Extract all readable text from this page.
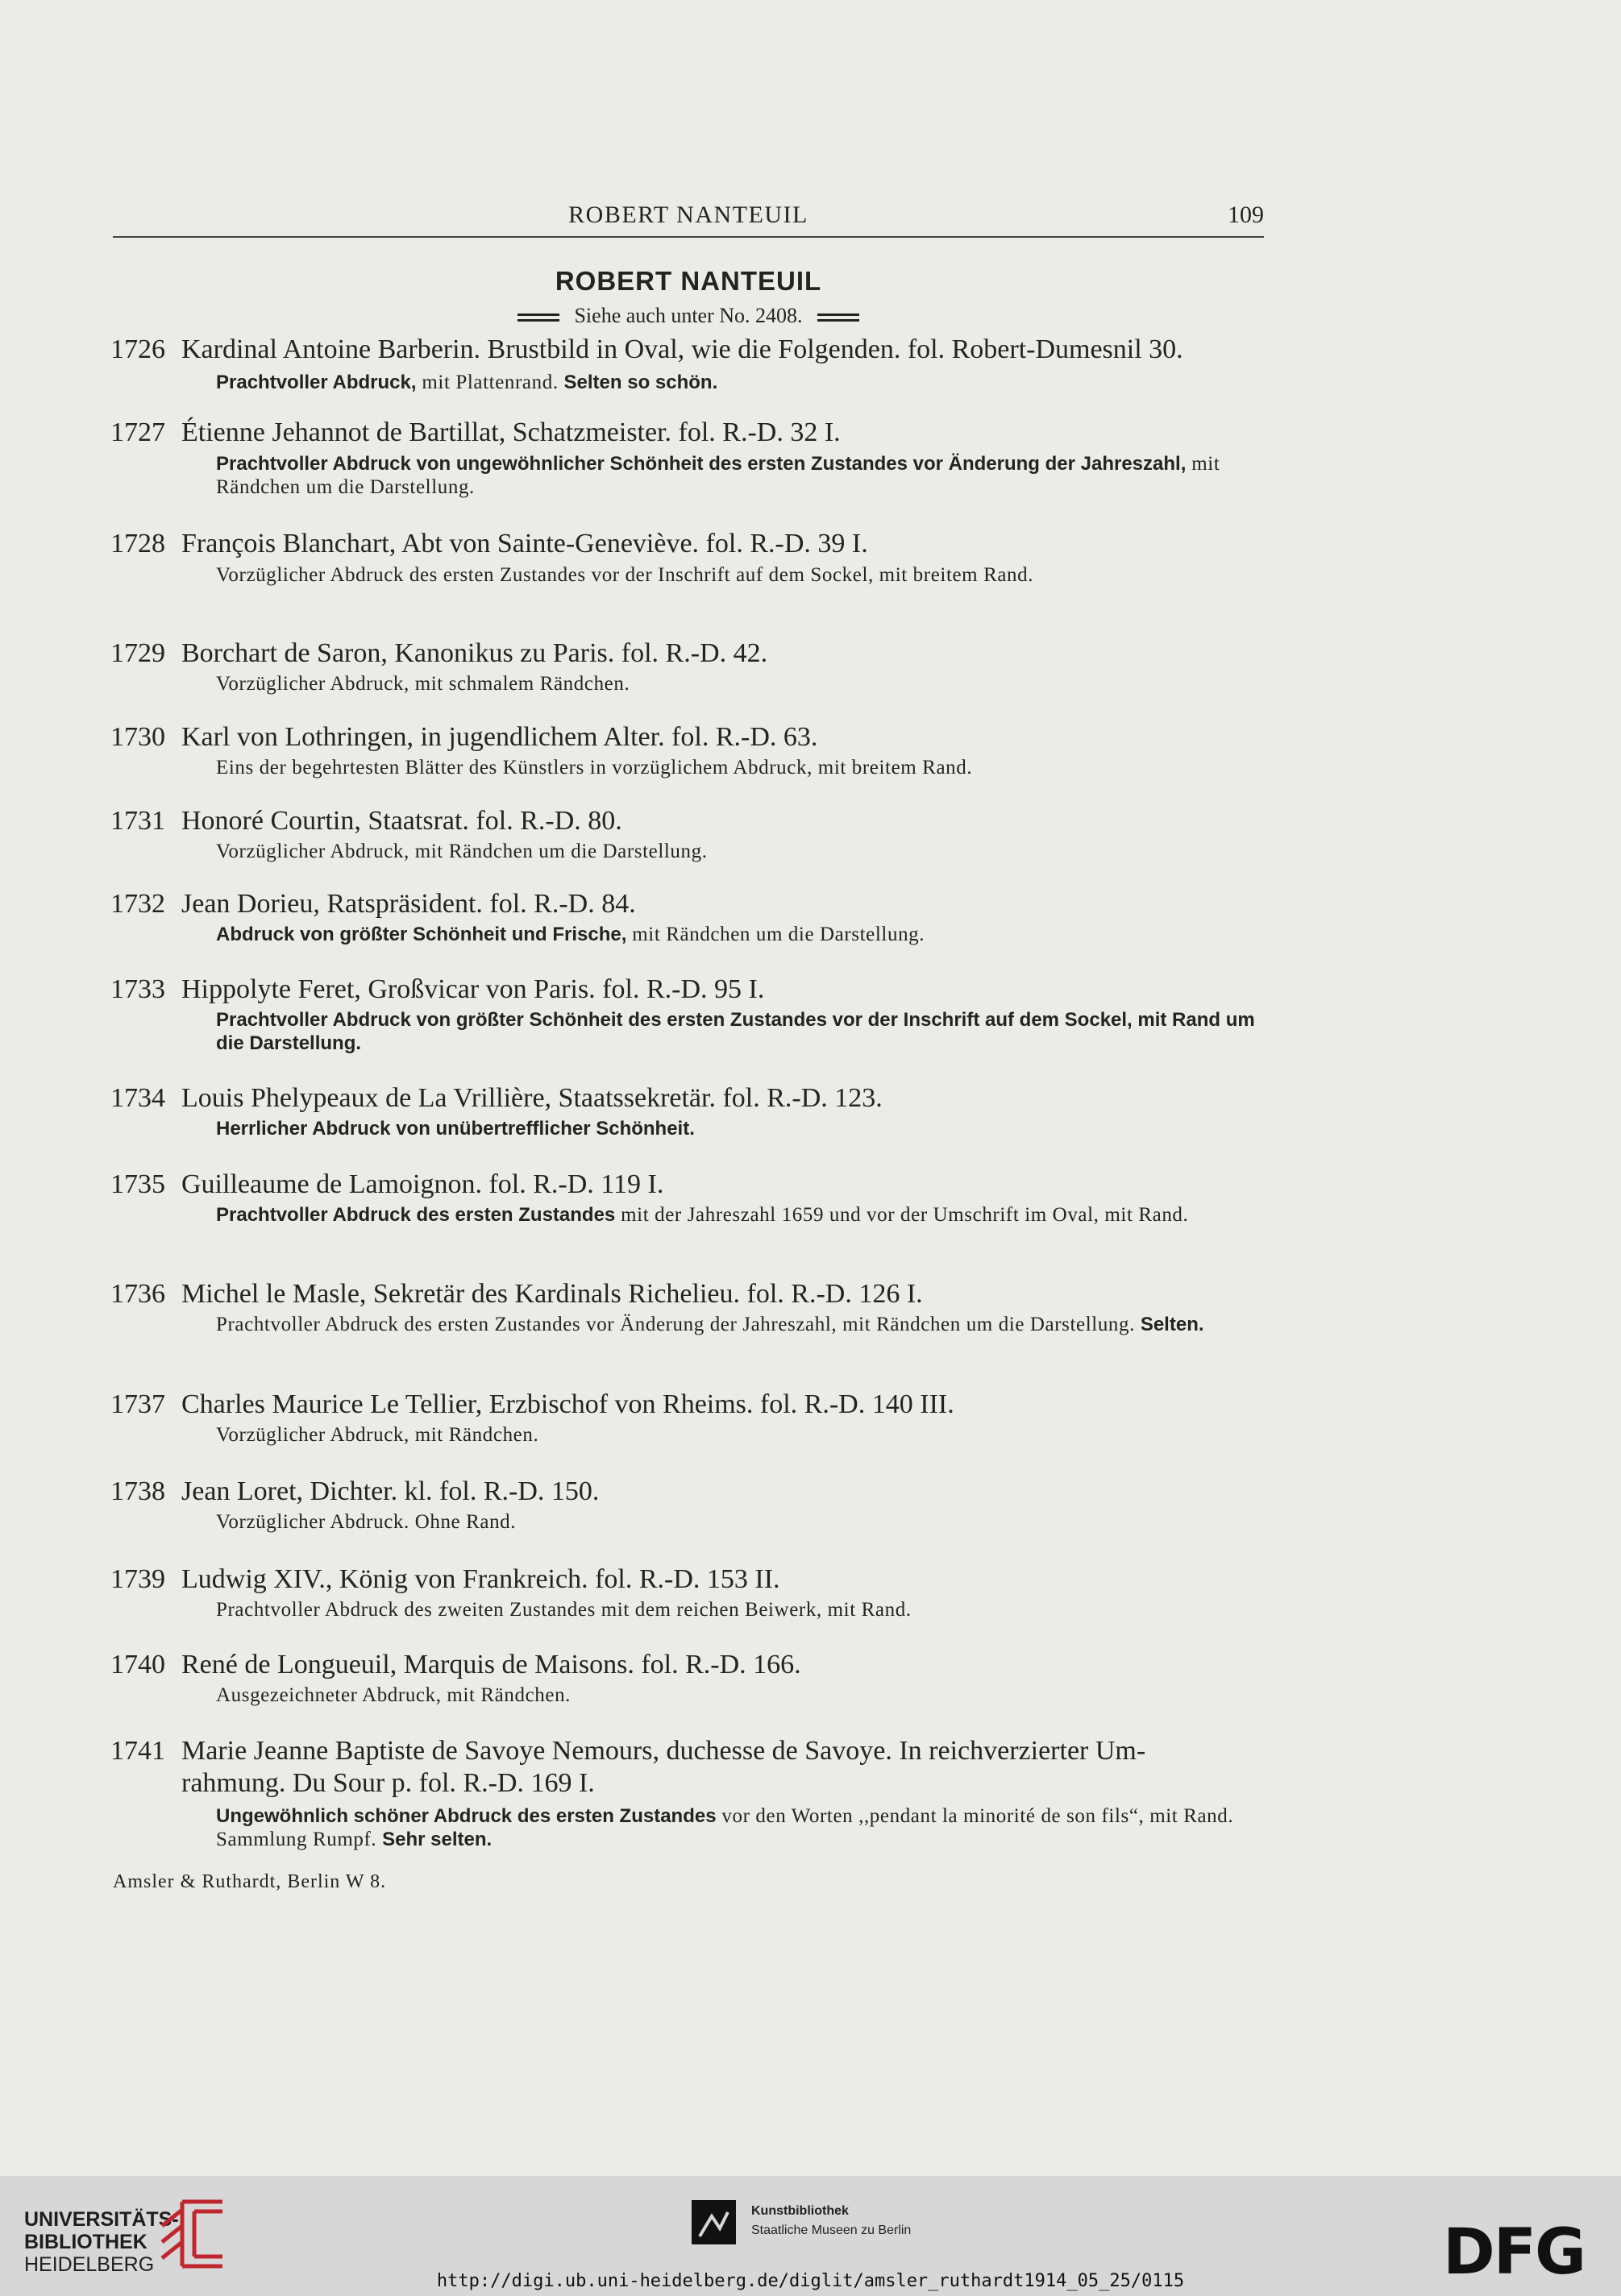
ROBERT NANTEUIL	109
ROBERT NANTEUIL
Siehe auch unter No. 2408.
1726 Kardinal Antoine Barberin. Brustbild in Oval, wie die Folgenden. fol. Robert-Dumesnil 30.
Prachtvoller Abdruck, mit Plattenrand. Selten so schön.
1727 Étienne Jehannot de Bartillat, Schatzmeister. fol. R.-D. 32 I.
Prachtvoller Abdruck von ungewöhnlicher Schönheit des ersten Zustandes vor Änderung der Jahreszahl, mit Rändchen um die Darstellung.
1728 François Blanchart, Abt von Sainte-Geneviève. fol. R.-D. 39 I.
Vorzüglicher Abdruck des ersten Zustandes vor der Inschrift auf dem Sockel, mit breitem Rand.
1729 Borchart de Saron, Kanonikus zu Paris. fol. R.-D. 42.
Vorzüglicher Abdruck, mit schmalem Rändchen.
1730 Karl von Lothringen, in jugendlichem Alter. fol. R.-D. 63.
Eins der begehrtesten Blätter des Künstlers in vorzüglichem Abdruck, mit breitem Rand.
1731 Honoré Courtin, Staatsrat. fol. R.-D. 80.
Vorzüglicher Abdruck, mit Rändchen um die Darstellung.
1732 Jean Dorieu, Ratspräsident. fol. R.-D. 84.
Abdruck von größter Schönheit und Frische, mit Rändchen um die Darstellung.
1733 Hippolyte Feret, Großvicar von Paris. fol. R.-D. 95 I.
Prachtvoller Abdruck von größter Schönheit des ersten Zustandes vor der Inschrift auf dem Sockel, mit Rand um die Darstellung.
1734 Louis Phelypeaux de La Vrillière, Staatssekretär. fol. R.-D. 123.
Herrlicher Abdruck von unübertrefflicher Schönheit.
1735 Guilleaume de Lamoignon. fol. R.-D. 119 I.
Prachtvoller Abdruck des ersten Zustandes mit der Jahreszahl 1659 und vor der Umschrift im Oval, mit Rand.
1736 Michel le Masle, Sekretär des Kardinals Richelieu. fol. R.-D. 126 I.
Prachtvoller Abdruck des ersten Zustandes vor Änderung der Jahreszahl, mit Rändchen um die Darstellung. Selten.
1737 Charles Maurice Le Tellier, Erzbischof von Rheims. fol. R.-D. 140 III.
Vorzüglicher Abdruck, mit Rändchen.
1738 Jean Loret, Dichter. kl. fol. R.-D. 150.
Vorzüglicher Abdruck. Ohne Rand.
1739 Ludwig XIV., König von Frankreich. fol. R.-D. 153 II.
Prachtvoller Abdruck des zweiten Zustandes mit dem reichen Beiwerk, mit Rand.
1740 René de Longueuil, Marquis de Maisons. fol. R.-D. 166.
Ausgezeichneter Abdruck, mit Rändchen.
1741 Marie Jeanne Baptiste de Savoye Nemours, duchesse de Savoye. In reichverzierter Um-
rahmung. Du Sour p. fol. R.-D. 169 I.
Ungewöhnlich schöner Abdruck des ersten Zustandes vor den Worten ,,pendant la minorité de son fils“, mit Rand. Sammlung Rumpf. Sehr selten.
Amsler & Ruthardt, Berlin W 8.
UNIVERSITÄTS-
BIBLIOTHEK
HEIDELBERG
Kunstbibliothek
Staatliche Museen zu Berlin	DFG
http://digi.ub.uni-heidelberg.de/diglit/amsler_ruthardt1914_05_25/0115
